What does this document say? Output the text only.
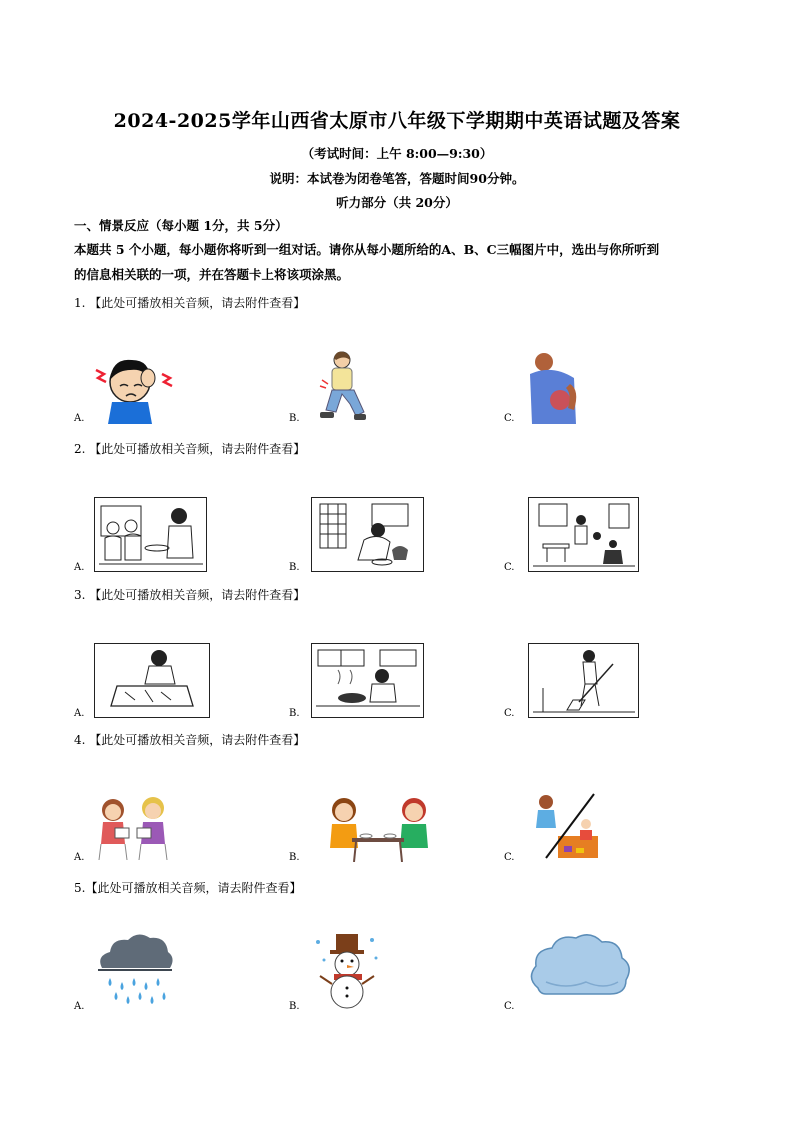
2024-2025学年山西省太原市八年级下学期期中英语试题及答案
（考试时间：上午 8:00—9:30）
说明：本试卷为闭卷笔答，答题时间90分钟。
听力部分（共 20分）
一、情景反应（每小题 1分，共 5分）
本题共 5 个小题，每小题你将听到一组对话。请你从每小题所给的A、B、C三幅图片中，选出与你所听到
的信息相关联的一项，并在答题卡上将该项涂黑。
1. 【此处可播放相关音频，请去附件查看】
A.	B.	C.
2. 【此处可播放相关音频，请去附件查看】
A.	B.	C.
3. 【此处可播放相关音频，请去附件查看】
A.	B.	C.
4. 【此处可播放相关音频，请去附件查看】
A.	B.	C.
5.【此处可播放相关音频，请去附件查看】
A.	B.	C.
